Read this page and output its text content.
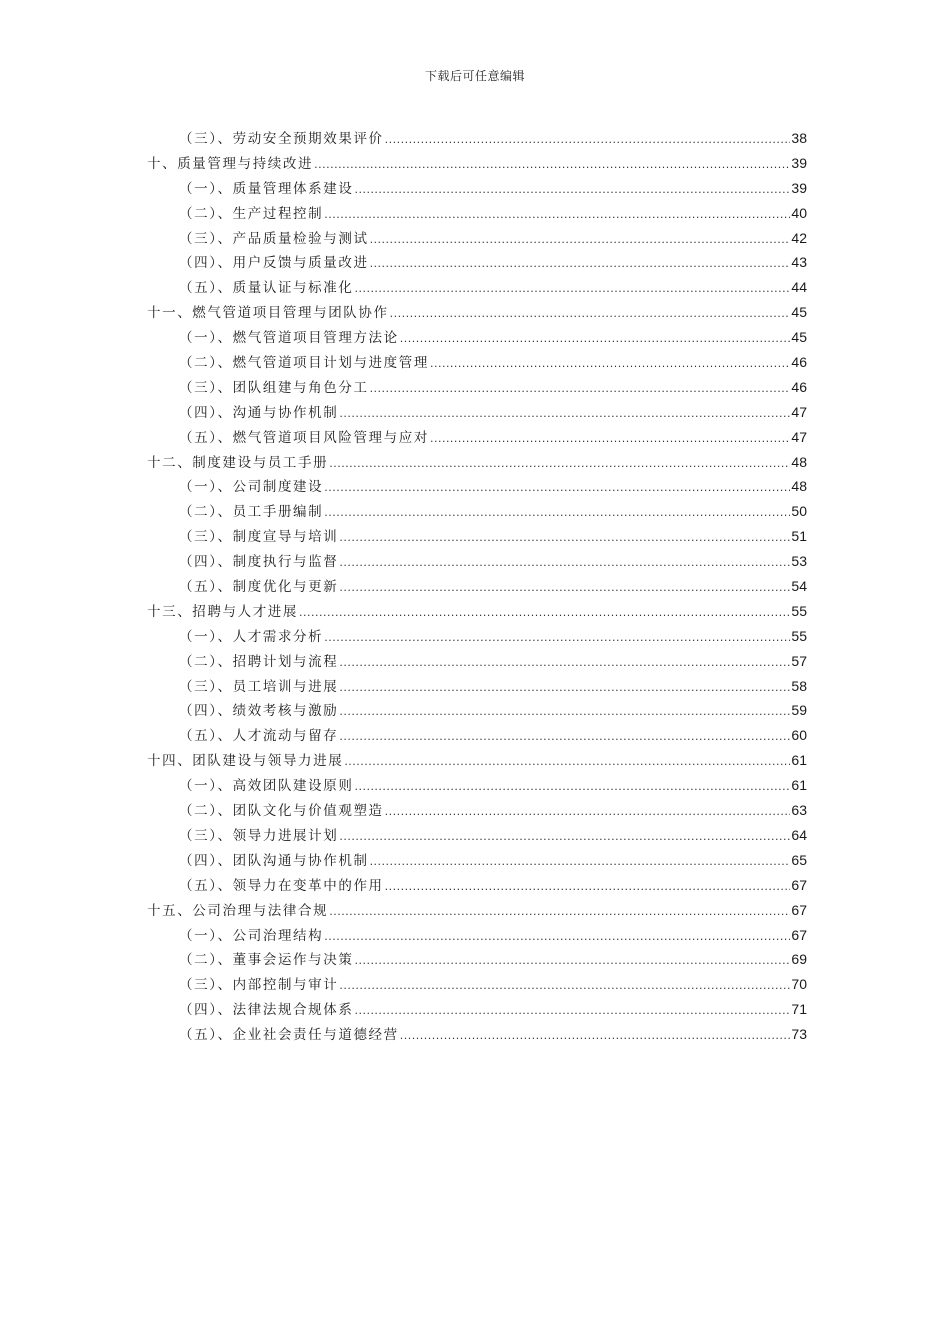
下载后可任意编辑
（三）、劳动安全预期效果评价 .....	38
十、质量管理与持续改进 .....	39
（一）、质量管理体系建设 .....	39
（二）、生产过程控制 .....	40
（三）、产品质量检验与测试 .....	42
（四）、用户反馈与质量改进 .....	43
（五）、质量认证与标准化 .....	44
十一、燃气管道项目管理与团队协作 .....	45
（一）、燃气管道项目管理方法论 .....	45
（二）、燃气管道项目计划与进度管理 .....	46
（三）、团队组建与角色分工 .....	46
（四）、沟通与协作机制 .....	47
（五）、燃气管道项目风险管理与应对 .....	47
十二、制度建设与员工手册 .....	48
（一）、公司制度建设 .....	48
（二）、员工手册编制 .....	50
（三）、制度宣导与培训 .....	51
（四）、制度执行与监督 .....	53
（五）、制度优化与更新 .....	54
十三、招聘与人才进展 .....	55
（一）、人才需求分析 .....	55
（二）、招聘计划与流程 .....	57
（三）、员工培训与进展 .....	58
（四）、绩效考核与激励 .....	59
（五）、人才流动与留存 .....	60
十四、团队建设与领导力进展 .....	61
（一）、高效团队建设原则 .....	61
（二）、团队文化与价值观塑造 .....	63
（三）、领导力进展计划 .....	64
（四）、团队沟通与协作机制 .....	65
（五）、领导力在变革中的作用 .....	67
十五、公司治理与法律合规 .....	67
（一）、公司治理结构 .....	67
（二）、董事会运作与决策 .....	69
（三）、内部控制与审计 .....	70
（四）、法律法规合规体系 .....	71
（五）、企业社会责任与道德经营 .....	73
